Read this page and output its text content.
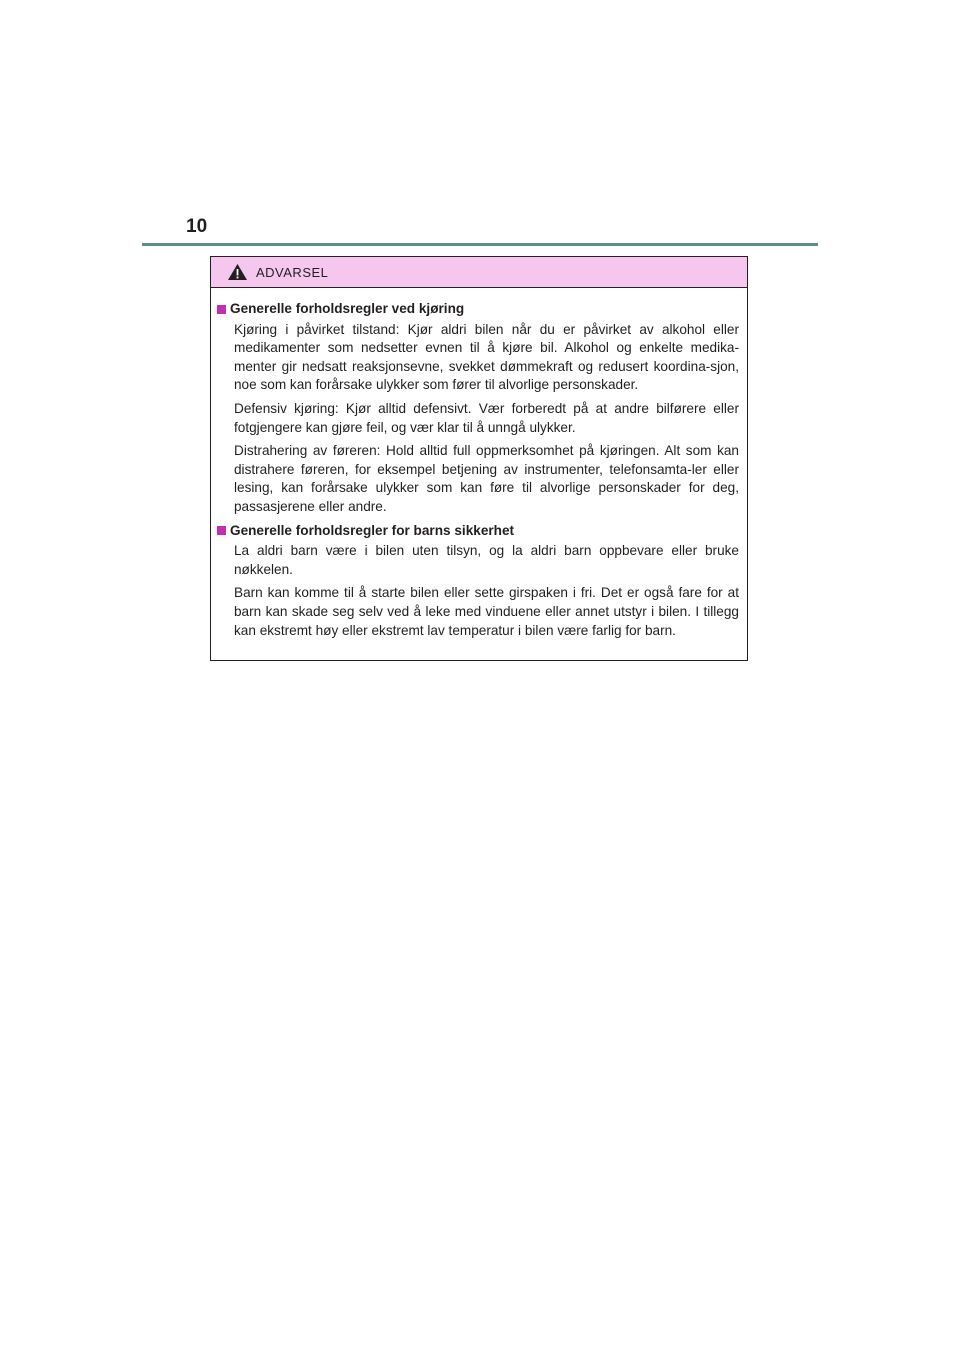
10
ADVARSEL
Generelle forholdsregler ved kjøring

Kjøring i påvirket tilstand: Kjør aldri bilen når du er påvirket av alkohol eller medikamenter som nedsetter evnen til å kjøre bil. Alkohol og enkelte medika-menter gir nedsatt reaksjonsevne, svekket dømmekraft og redusert koordina-sjon, noe som kan forårsake ulykker som fører til alvorlige personskader.

Defensiv kjøring: Kjør alltid defensivt. Vær forberedt på at andre bilførere eller fotgjengere kan gjøre feil, og vær klar til å unngå ulykker.

Distrahering av føreren: Hold alltid full oppmerksomhet på kjøringen. Alt som kan distrahere føreren, for eksempel betjening av instrumenter, telefonsamta-ler eller lesing, kan forårsake ulykker som kan føre til alvorlige personskader for deg, passasjerene eller andre.

Generelle forholdsregler for barns sikkerhet

La aldri barn være i bilen uten tilsyn, og la aldri barn oppbevare eller bruke nøkkelen.

Barn kan komme til å starte bilen eller sette girspaken i fri. Det er også fare for at barn kan skade seg selv ved å leke med vinduene eller annet utstyr i bilen. I tillegg kan ekstremt høy eller ekstremt lav temperatur i bilen være farlig for barn.
